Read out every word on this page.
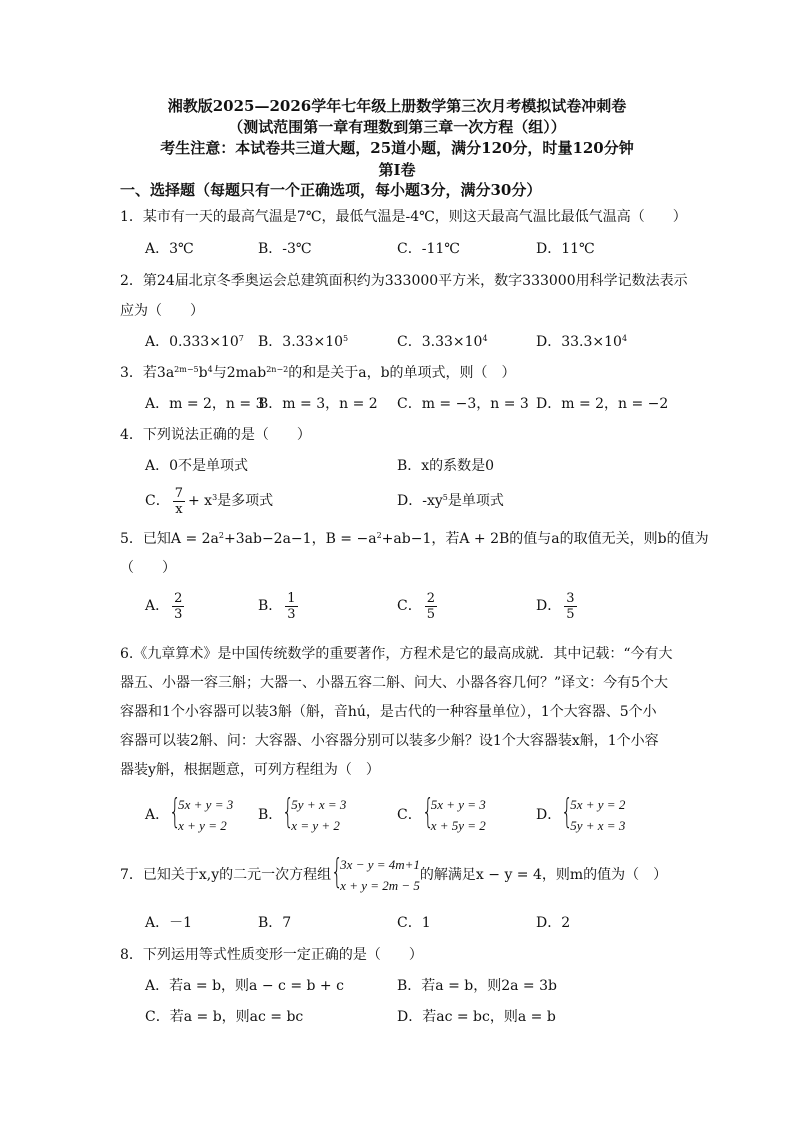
湘教版2025—2026学年七年级上册数学第三次月考模拟试卷冲刺卷
（测试范围第一章有理数到第三章一次方程（组））
考生注意：本试卷共三道大题，25道小题，满分120分，时量120分钟
第Ⅰ卷
一、选择题（每题只有一个正确选项，每小题3分，满分30分）
1．某市有一天的最高气温是7℃，最低气温是-4℃，则这天最高气温比最低气温高（　　）
A．3℃	B．-3℃	C．-11℃	D．11℃
2．第24届北京冬季奥运会总建筑面积约为333000平方米，数字333000用科学记数法表示
应为（　　）
A．$0.333\times 10^7$ B．$3.33\times 10^5$	C．$3.33\times 10^4$	D．$33.3\times 10^4$
3．若$3a^{2m-5}b^4$与2mab$^{2n-2}$的和是关于a，b的单项式，则（　）
A．m = 2，n = 3
B．m = 3，n = 2 C．m = −3，n = 3 D．m = 2，n = −2
4．下列说法正确的是（　　）
A．0不是单项式	B．x的系数是0
C． $\frac{7}{x} + x^3$是多项式	D．$-xy^5$是单项式
5．已知$A = 2a^2+3ab-2a-1$，$B = -a^2+ab-1$，若A + 2B的值与a的取值无关，则b的值为
（　　）
A． $\frac{2}{3}$	B． $\frac{1}{3}$	C． $\frac{2}{5}$	D． $\frac{3}{5}$
6.《九章算术》是中国传统数学的重要著作，方程术是它的最高成就．其中记载：“今有大
器五、小器一容三斛；大器一、小器五容二斛、问大、小器各容几何？”译文：今有5个大
容器和1个小容器可以装3斛（斛，音hú，是古代的一种容量单位），1个大容器、5个小
容器可以装2斛、问：大容器、小容器分别可以装多少斛？设1个大容器装x斛，1个小容
器装y斛，根据题意，可列方程组为（　）
A． {
5x + y = 3
x + y = 2
B． {
5y + x = 3
x = y + 2
C． {
5x + y = 3
x + 5y = 2
D． {
5x + y = 2
5y + x = 3
7．已知关于x,y的二元一次方程组 {
3x − y = 4m+1
x + y = 2m − 5
的解满足x − y = 4，则m的值为（　）
A．－1	B．7	C．1	D．2
8．下列运用等式性质变形一定正确的是（　　）
A．若a = b，则a − c = b + c	B．若a = b，则2a = 3b
C．若a = b，则ac = bc	D．若ac = bc，则a = b
